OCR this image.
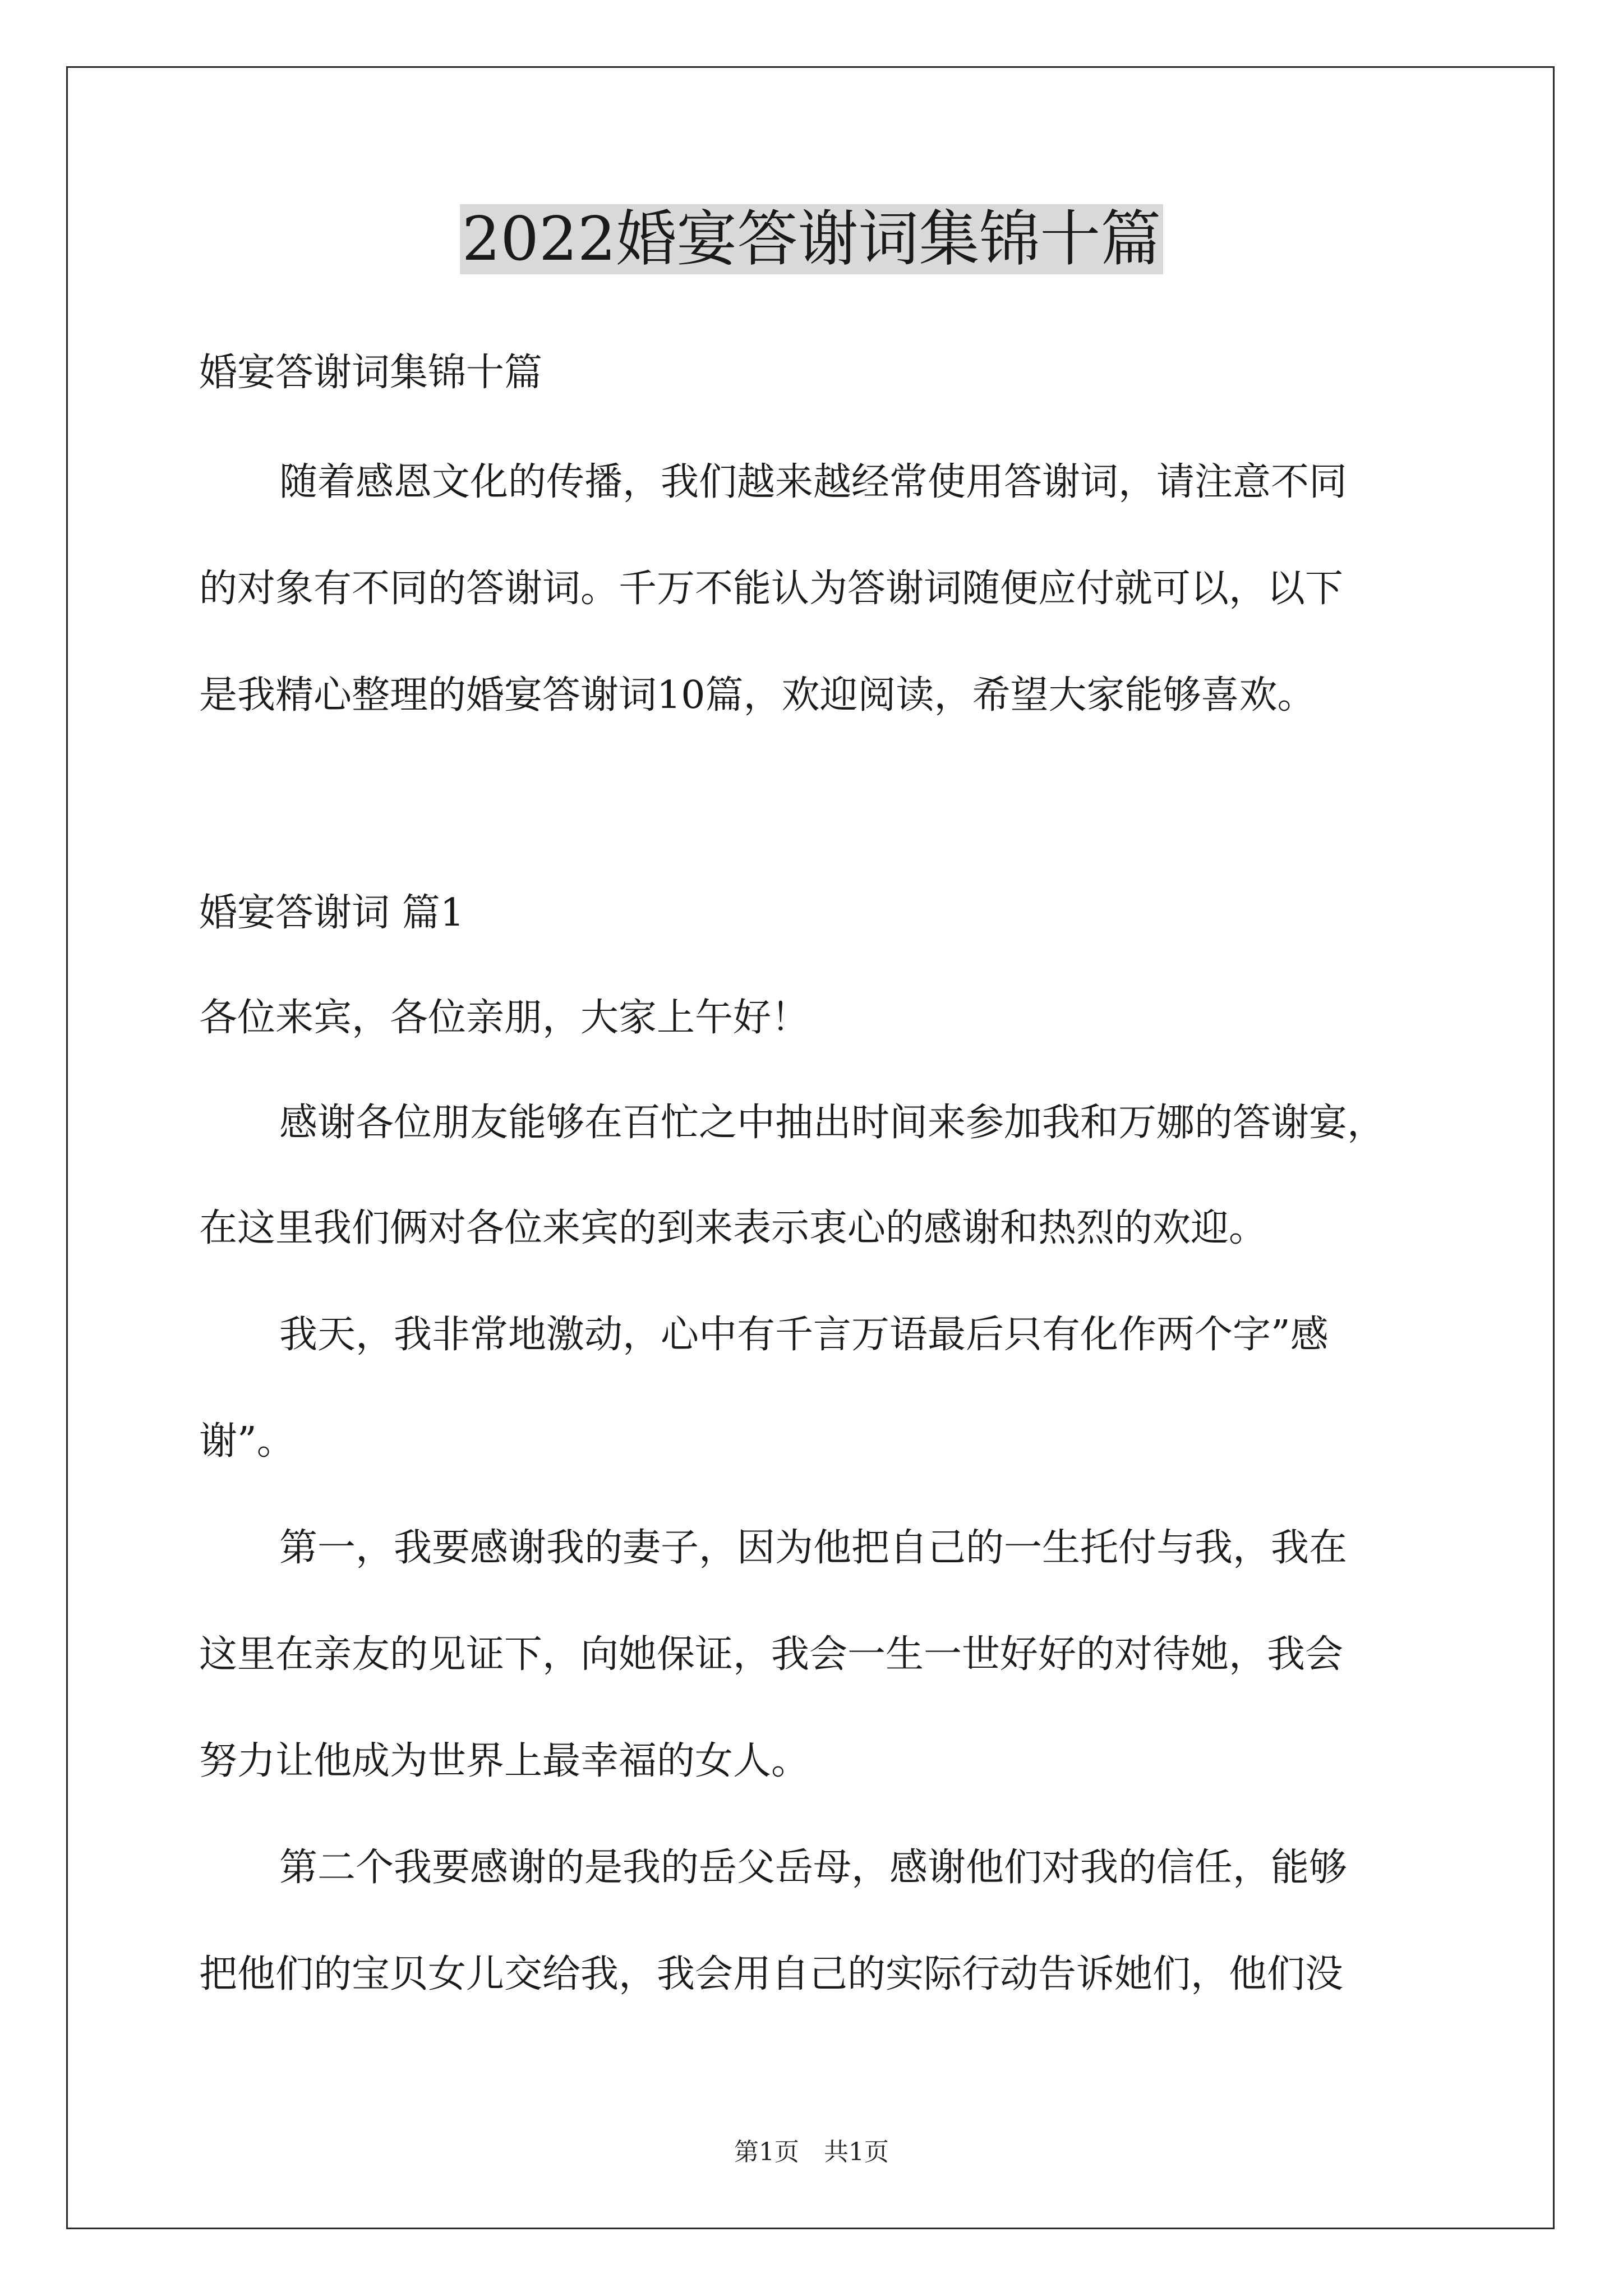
2022婚宴答谢词集锦十篇
婚宴答谢词集锦十篇
随着感恩文化的传播，我们越来越经常使用答谢词，请注意不同
的对象有不同的答谢词。千万不能认为答谢词随便应付就可以，以下
是我精心整理的婚宴答谢词10篇，欢迎阅读，希望大家能够喜欢。
婚宴答谢词 篇1
各位来宾，各位亲朋，大家上午好！
感谢各位朋友能够在百忙之中抽出时间来参加我和万娜的答谢宴，
在这里我们俩对各位来宾的到来表示衷心的感谢和热烈的欢迎。
我天，我非常地激动，心中有千言万语最后只有化作两个字”感
谢”。
第一，我要感谢我的妻子，因为他把自己的一生托付与我，我在
这里在亲友的见证下，向她保证，我会一生一世好好的对待她，我会
努力让他成为世界上最幸福的女人。
第二个我要感谢的是我的岳父岳母，感谢他们对我的信任，能够
把他们的宝贝女儿交给我，我会用自己的实际行动告诉她们，他们没
第1页　共1页
